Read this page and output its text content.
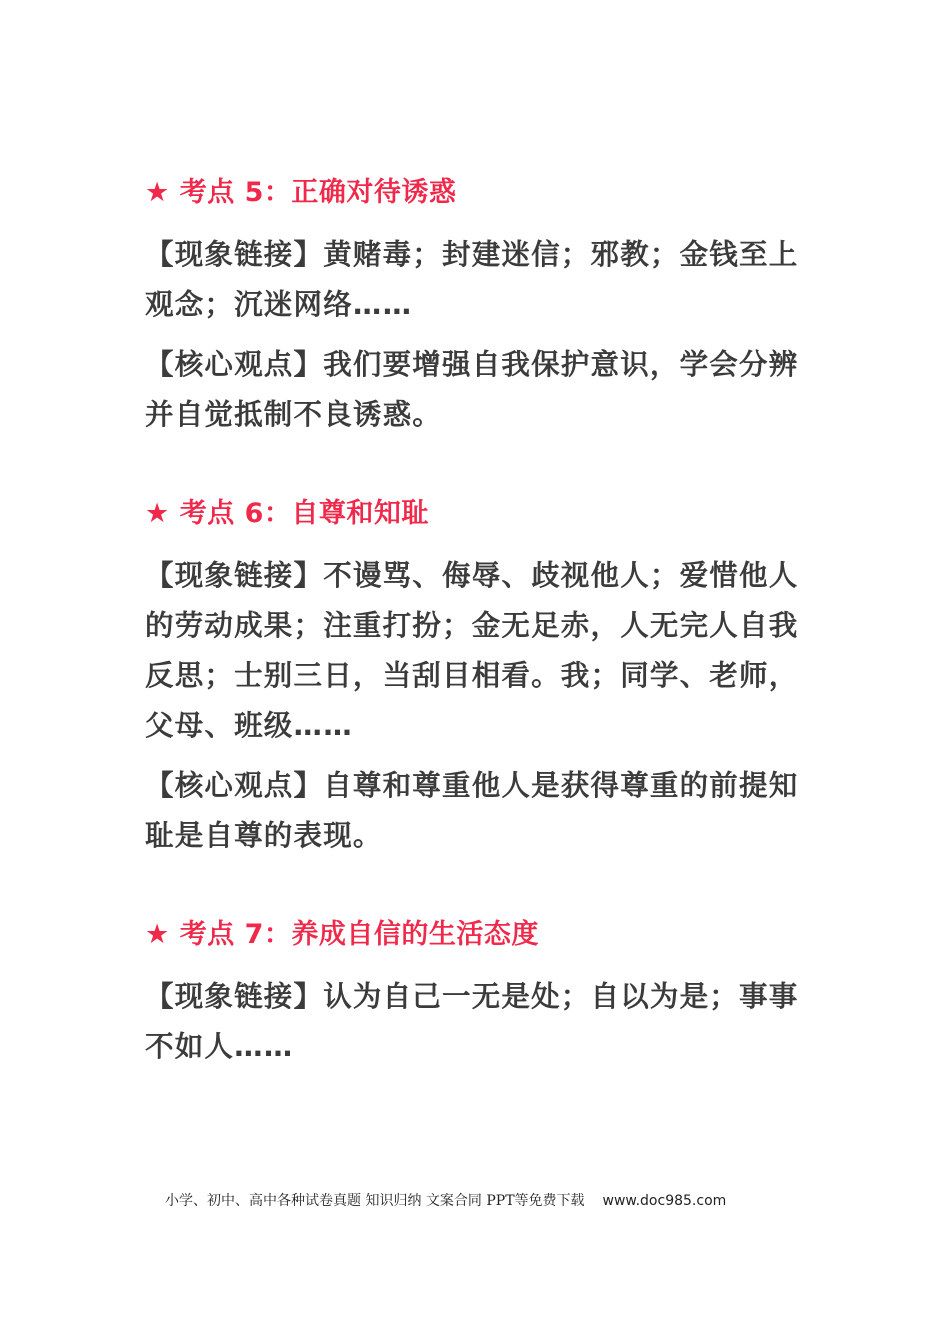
★ 考点 5：正确对待诱惑

【现象链接】黄赌毒；封建迷信；邪教；金钱至上观念；沉迷网络……

【核心观点】我们要增强自我保护意识，学会分辨并自觉抵制不良诱惑。

★ 考点 6：自尊和知耻

【现象链接】不谩骂、侮辱、歧视他人；爱惜他人的劳动成果；注重打扮；金无足赤，人无完人自我反思；士别三日，当刮目相看。我；同学、老师，父母、班级……

【核心观点】自尊和尊重他人是获得尊重的前提知耻是自尊的表现。

★ 考点 7：养成自信的生活态度

【现象链接】认为自己一无是处；自以为是；事事不如人……

小学、初中、高中各种试卷真题 知识归纳 文案合同 PPT等免费下载 www.doc985.com
